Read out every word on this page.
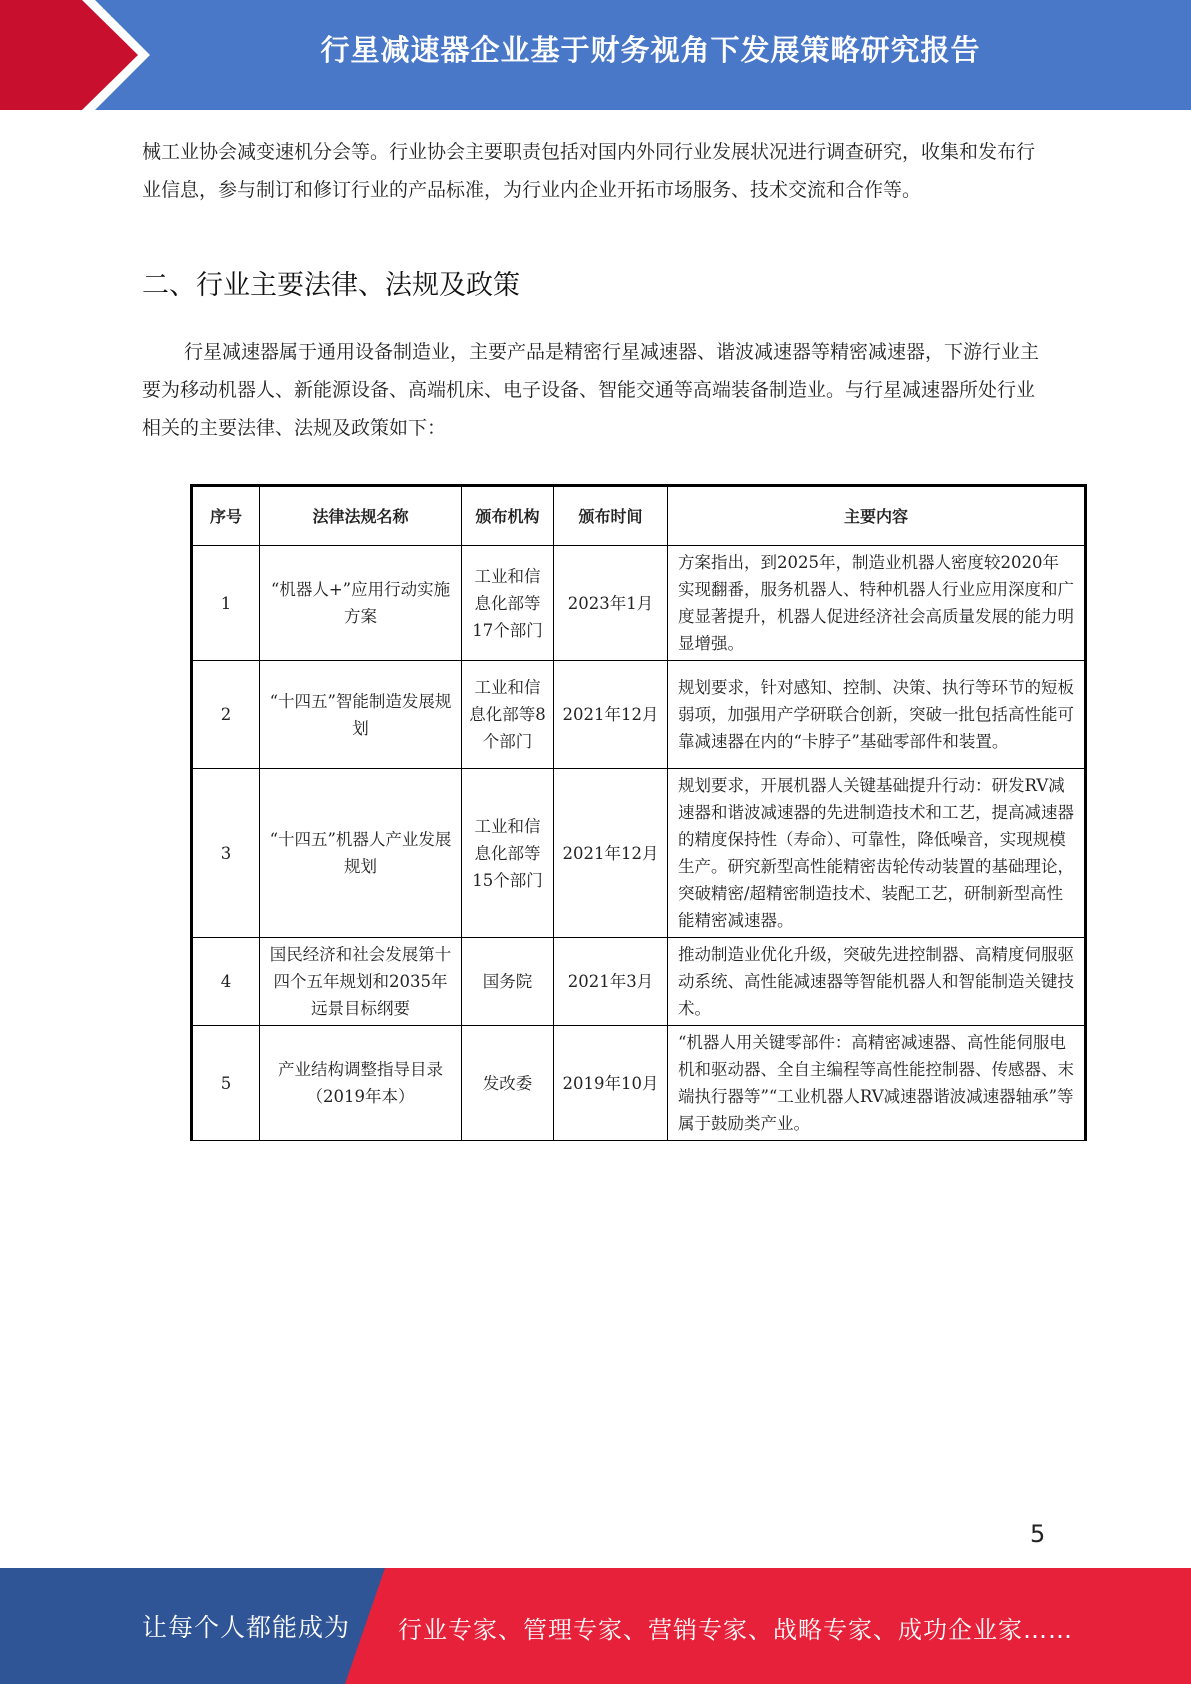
行星减速器企业基于财务视角下发展策略研究报告
械工业协会减变速机分会等。行业协会主要职责包括对国内外同行业发展状况进行调查研究，收集和发布行业信息，参与制订和修订行业的产品标准，为行业内企业开拓市场服务、技术交流和合作等。
二、行业主要法律、法规及政策
行星减速器属于通用设备制造业，主要产品是精密行星减速器、谐波减速器等精密减速器，下游行业主要为移动机器人、新能源设备、高端机床、电子设备、智能交通等高端装备制造业。与行星减速器所处行业相关的主要法律、法规及政策如下：
序号	法律法规名称	颁布机构	颁布时间	主要内容
1	“机器人+”应用行动实施方案	工业和信息化部等17个部门	2023年1月	方案指出，到2025年，制造业机器人密度较2020年实现翻番，服务机器人、特种机器人行业应用深度和广度显著提升，机器人促进经济社会高质量发展的能力明显增强。
2	“十四五”智能制造发展规划	工业和信息化部等8个部门	2021年12月	规划要求，针对感知、控制、决策、执行等环节的短板弱项，加强用产学研联合创新，突破一批包括高性能可靠减速器在内的“卡脖子”基础零部件和装置。
3	“十四五”机器人产业发展规划	工业和信息化部等15个部门	2021年12月	规划要求，开展机器人关键基础提升行动：研发RV减速器和谐波减速器的先进制造技术和工艺，提高减速器的精度保持性（寿命）、可靠性，降低噪音，实现规模生产。研究新型高性能精密齿轮传动装置的基础理论，突破精密/超精密制造技术、装配工艺，研制新型高性能精密减速器。
4	国民经济和社会发展第十四个五年规划和2035年远景目标纲要	国务院	2021年3月	推动制造业优化升级，突破先进控制器、高精度伺服驱动系统、高性能减速器等智能机器人和智能制造关键技术。
5	产业结构调整指导目录（2019年本）	发改委	2019年10月	“机器人用关键零部件：高精密减速器、高性能伺服电机和驱动器、全自主编程等高性能控制器、传感器、末端执行器等”“工业机器人RV减速器谐波减速器轴承”等属于鼓励类产业。
5
让每个人都能成为 行业专家、管理专家、营销专家、战略专家、成功企业家……
